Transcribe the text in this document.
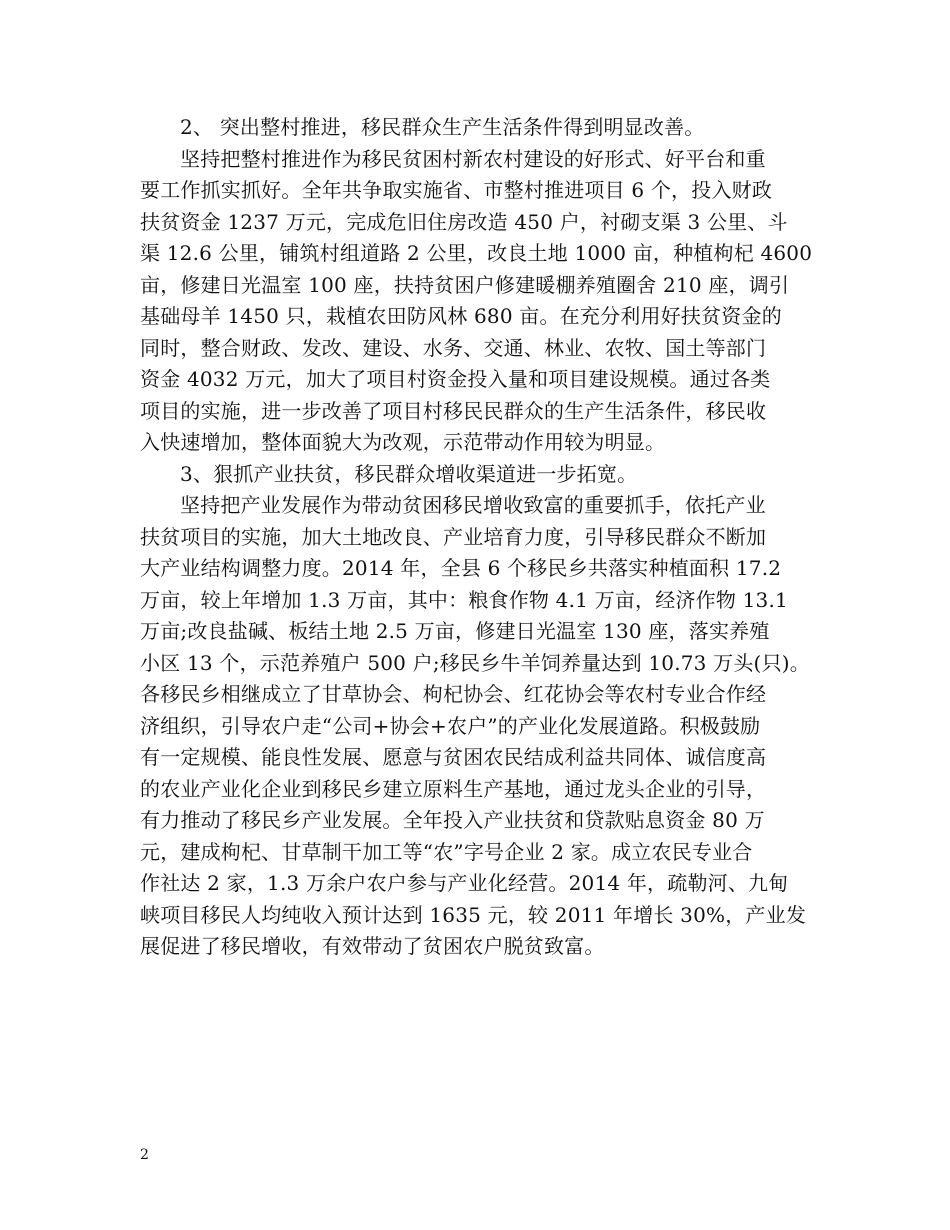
2、 突出整村推进，移民群众生产生活条件得到明显改善。
坚持把整村推进作为移民贫困村新农村建设的好形式、好平台和重
要工作抓实抓好。全年共争取实施省、市整村推进项目 6 个，投入财政
扶贫资金 1237 万元，完成危旧住房改造 450 户，衬砌支渠 3 公里、斗
渠 12.6 公里，铺筑村组道路 2 公里，改良土地 1000 亩，种植枸杞 4600
亩，修建日光温室 100 座，扶持贫困户修建暖棚养殖圈舍 210 座，调引
基础母羊 1450 只，栽植农田防风林 680 亩。在充分利用好扶贫资金的
同时，整合财政、发改、建设、水务、交通、林业、农牧、国土等部门
资金 4032 万元，加大了项目村资金投入量和项目建设规模。通过各类
项目的实施，进一步改善了项目村移民民群众的生产生活条件，移民收
入快速增加，整体面貌大为改观，示范带动作用较为明显。
3、狠抓产业扶贫，移民群众增收渠道进一步拓宽。
坚持把产业发展作为带动贫困移民增收致富的重要抓手，依托产业
扶贫项目的实施，加大土地改良、产业培育力度，引导移民群众不断加
大产业结构调整力度。2014 年，全县 6 个移民乡共落实种植面积 17.2
万亩，较上年增加 1.3 万亩，其中：粮食作物 4.1 万亩，经济作物 13.1
万亩;改良盐碱、板结土地 2.5 万亩，修建日光温室 130 座，落实养殖
小区 13 个，示范养殖户 500 户;移民乡牛羊饲养量达到 10.73 万头(只)。
各移民乡相继成立了甘草协会、枸杞协会、红花协会等农村专业合作经
济组织，引导农户走“公司+协会+农户”的产业化发展道路。积极鼓励
有一定规模、能良性发展、愿意与贫困农民结成利益共同体、诚信度高
的农业产业化企业到移民乡建立原料生产基地，通过龙头企业的引导，
有力推动了移民乡产业发展。全年投入产业扶贫和贷款贴息资金 80 万
元，建成枸杞、甘草制干加工等“农”字号企业 2 家。成立农民专业合
作社达 2 家，1.3 万余户农户参与产业化经营。2014 年，疏勒河、九甸
峡项目移民人均纯收入预计达到 1635 元，较 2011 年增长 30%，产业发
展促进了移民增收，有效带动了贫困农户脱贫致富。
2
